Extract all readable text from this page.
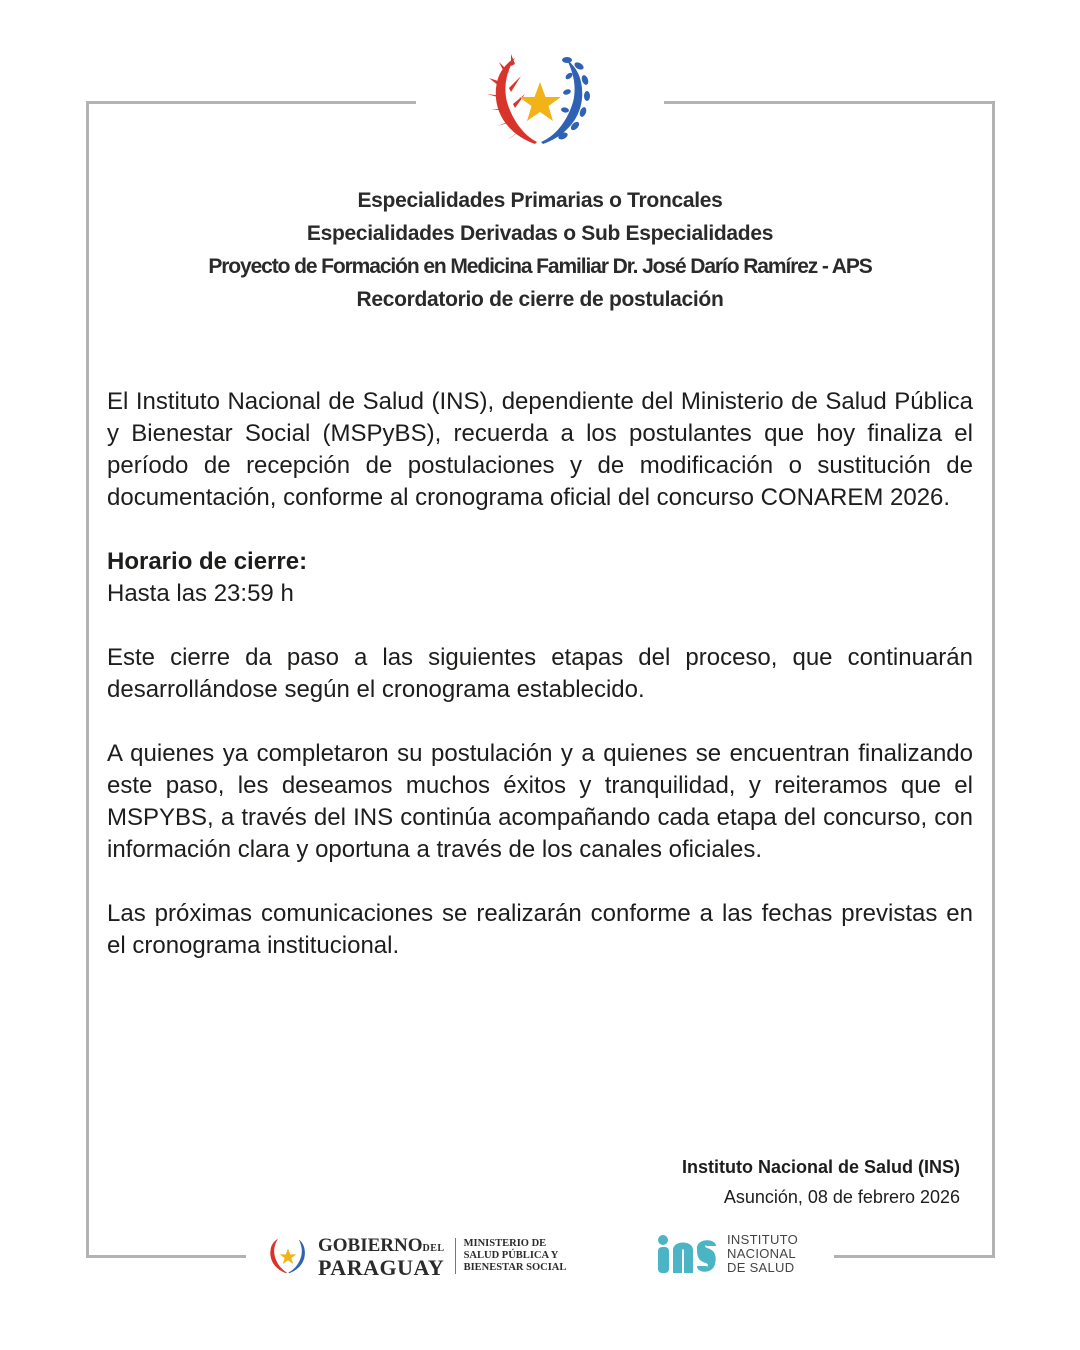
Especialidades Primarias o Troncales
Especialidades Derivadas o Sub Especialidades
Proyecto de Formación en Medicina Familiar Dr. José Darío Ramírez - APS
Recordatorio de cierre de postulación

El Instituto Nacional de Salud (INS), dependiente del Ministerio de Salud Pública y Bienestar Social (MSPyBS), recuerda a los postulantes que hoy finaliza el período de recepción de postulaciones y de modificación o sustitución de documentación, conforme al cronograma oficial del concurso CONAREM 2026.

Horario de cierre:
Hasta las 23:59 h

Este cierre da paso a las siguientes etapas del proceso, que continuarán desarrollándose según el cronograma establecido.

A quienes ya completaron su postulación y a quienes se encuentran finalizando este paso, les deseamos muchos éxitos y tranquilidad, y reiteramos que el MSPYBS, a través del INS continúa acompañando cada etapa del concurso, con información clara y oportuna a través de los canales oficiales.

Las próximas comunicaciones se realizarán conforme a las fechas previstas en el cronograma institucional.

Instituto Nacional de Salud (INS)
Asunción, 08 de febrero 2026
GOBIERNODEL
PARAGUAY
MINISTERIO DE
SALUD PÚBLICA Y
BIENESTAR SOCIAL
INSTITUTO
NACIONAL
DE SALUD
